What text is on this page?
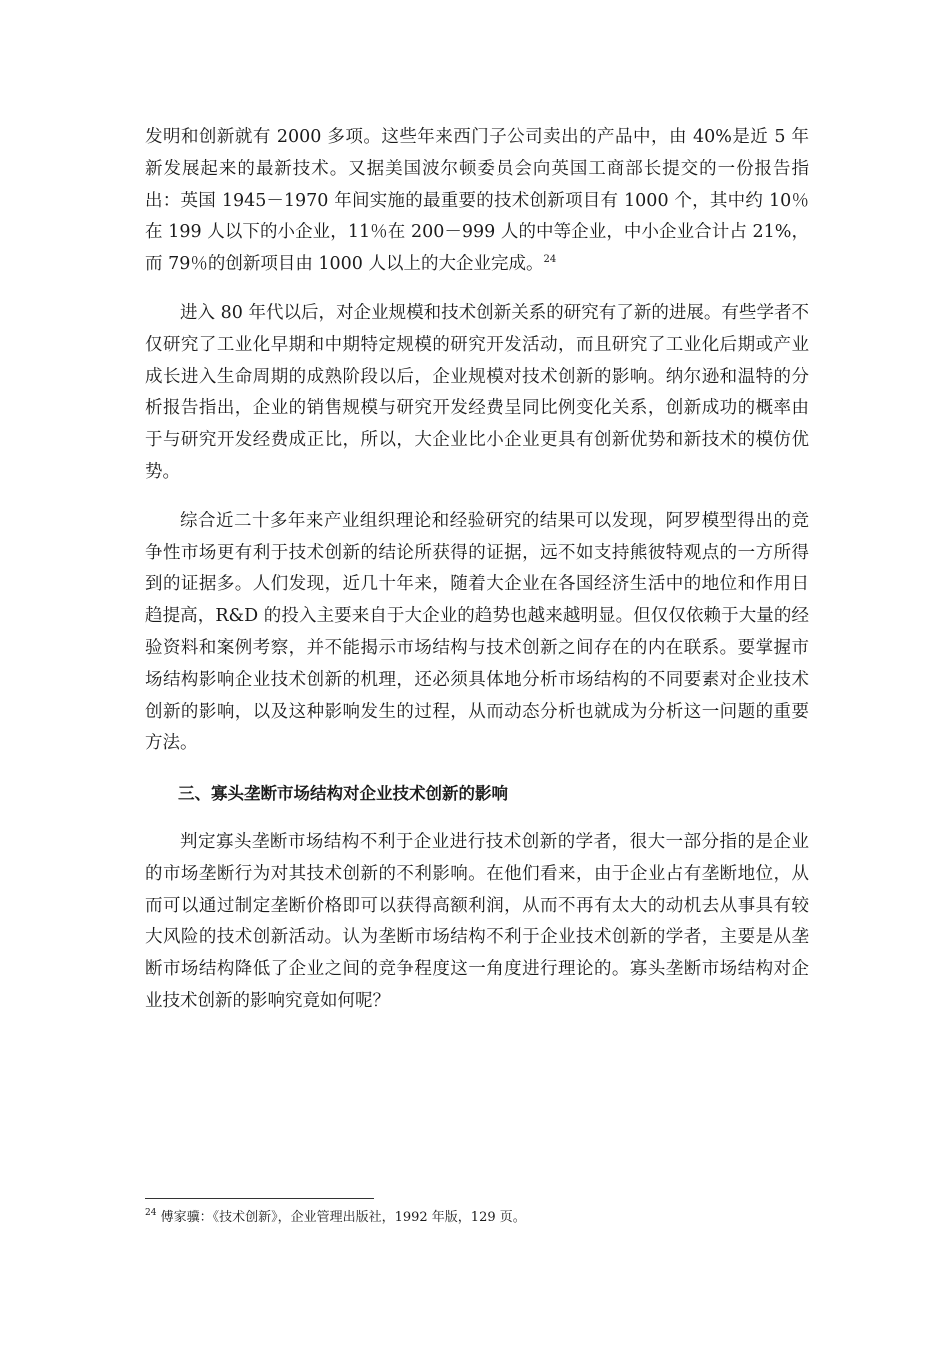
发明和创新就有 2000 多项。这些年来西门子公司卖出的产品中，由 40%是近 5 年新发展起来的最新技术。又据美国波尔顿委员会向英国工商部长提交的一份报告指出：英国 1945－1970 年间实施的最重要的技术创新项目有 1000 个，其中约 10％在 199 人以下的小企业，11％在 200－999 人的中等企业，中小企业合计占 21%，而 79％的创新项目由 1000 人以上的大企业完成。$^{24}$

进入 80 年代以后，对企业规模和技术创新关系的研究有了新的进展。有些学者不仅研究了工业化早期和中期特定规模的研究开发活动，而且研究了工业化后期或产业成长进入生命周期的成熟阶段以后，企业规模对技术创新的影响。纳尔逊和温特的分析报告指出，企业的销售规模与研究开发经费呈同比例变化关系，创新成功的概率由于与研究开发经费成正比，所以，大企业比小企业更具有创新优势和新技术的模仿优势。

综合近二十多年来产业组织理论和经验研究的结果可以发现，阿罗模型得出的竞争性市场更有利于技术创新的结论所获得的证据，远不如支持熊彼特观点的一方所得到的证据多。人们发现，近几十年来，随着大企业在各国经济生活中的地位和作用日趋提高，R&D 的投入主要来自于大企业的趋势也越来越明显。但仅仅依赖于大量的经验资料和案例考察，并不能揭示市场结构与技术创新之间存在的内在联系。要掌握市场结构影响企业技术创新的机理，还必须具体地分析市场结构的不同要素对企业技术创新的影响，以及这种影响发生的过程，从而动态分析也就成为分析这一问题的重要方法。

三、寡头垄断市场结构对企业技术创新的影响

判定寡头垄断市场结构不利于企业进行技术创新的学者，很大一部分指的是企业的市场垄断行为对其技术创新的不利影响。在他们看来，由于企业占有垄断地位，从而可以通过制定垄断价格即可以获得高额利润，从而不再有太大的动机去从事具有较大风险的技术创新活动。认为垄断市场结构不利于企业技术创新的学者，主要是从垄断市场结构降低了企业之间的竞争程度这一角度进行理论的。寡头垄断市场结构对企业技术创新的影响究竟如何呢？

$^{24}$ 傅家骥：《技术创新》，企业管理出版社，1992 年版，129 页。
